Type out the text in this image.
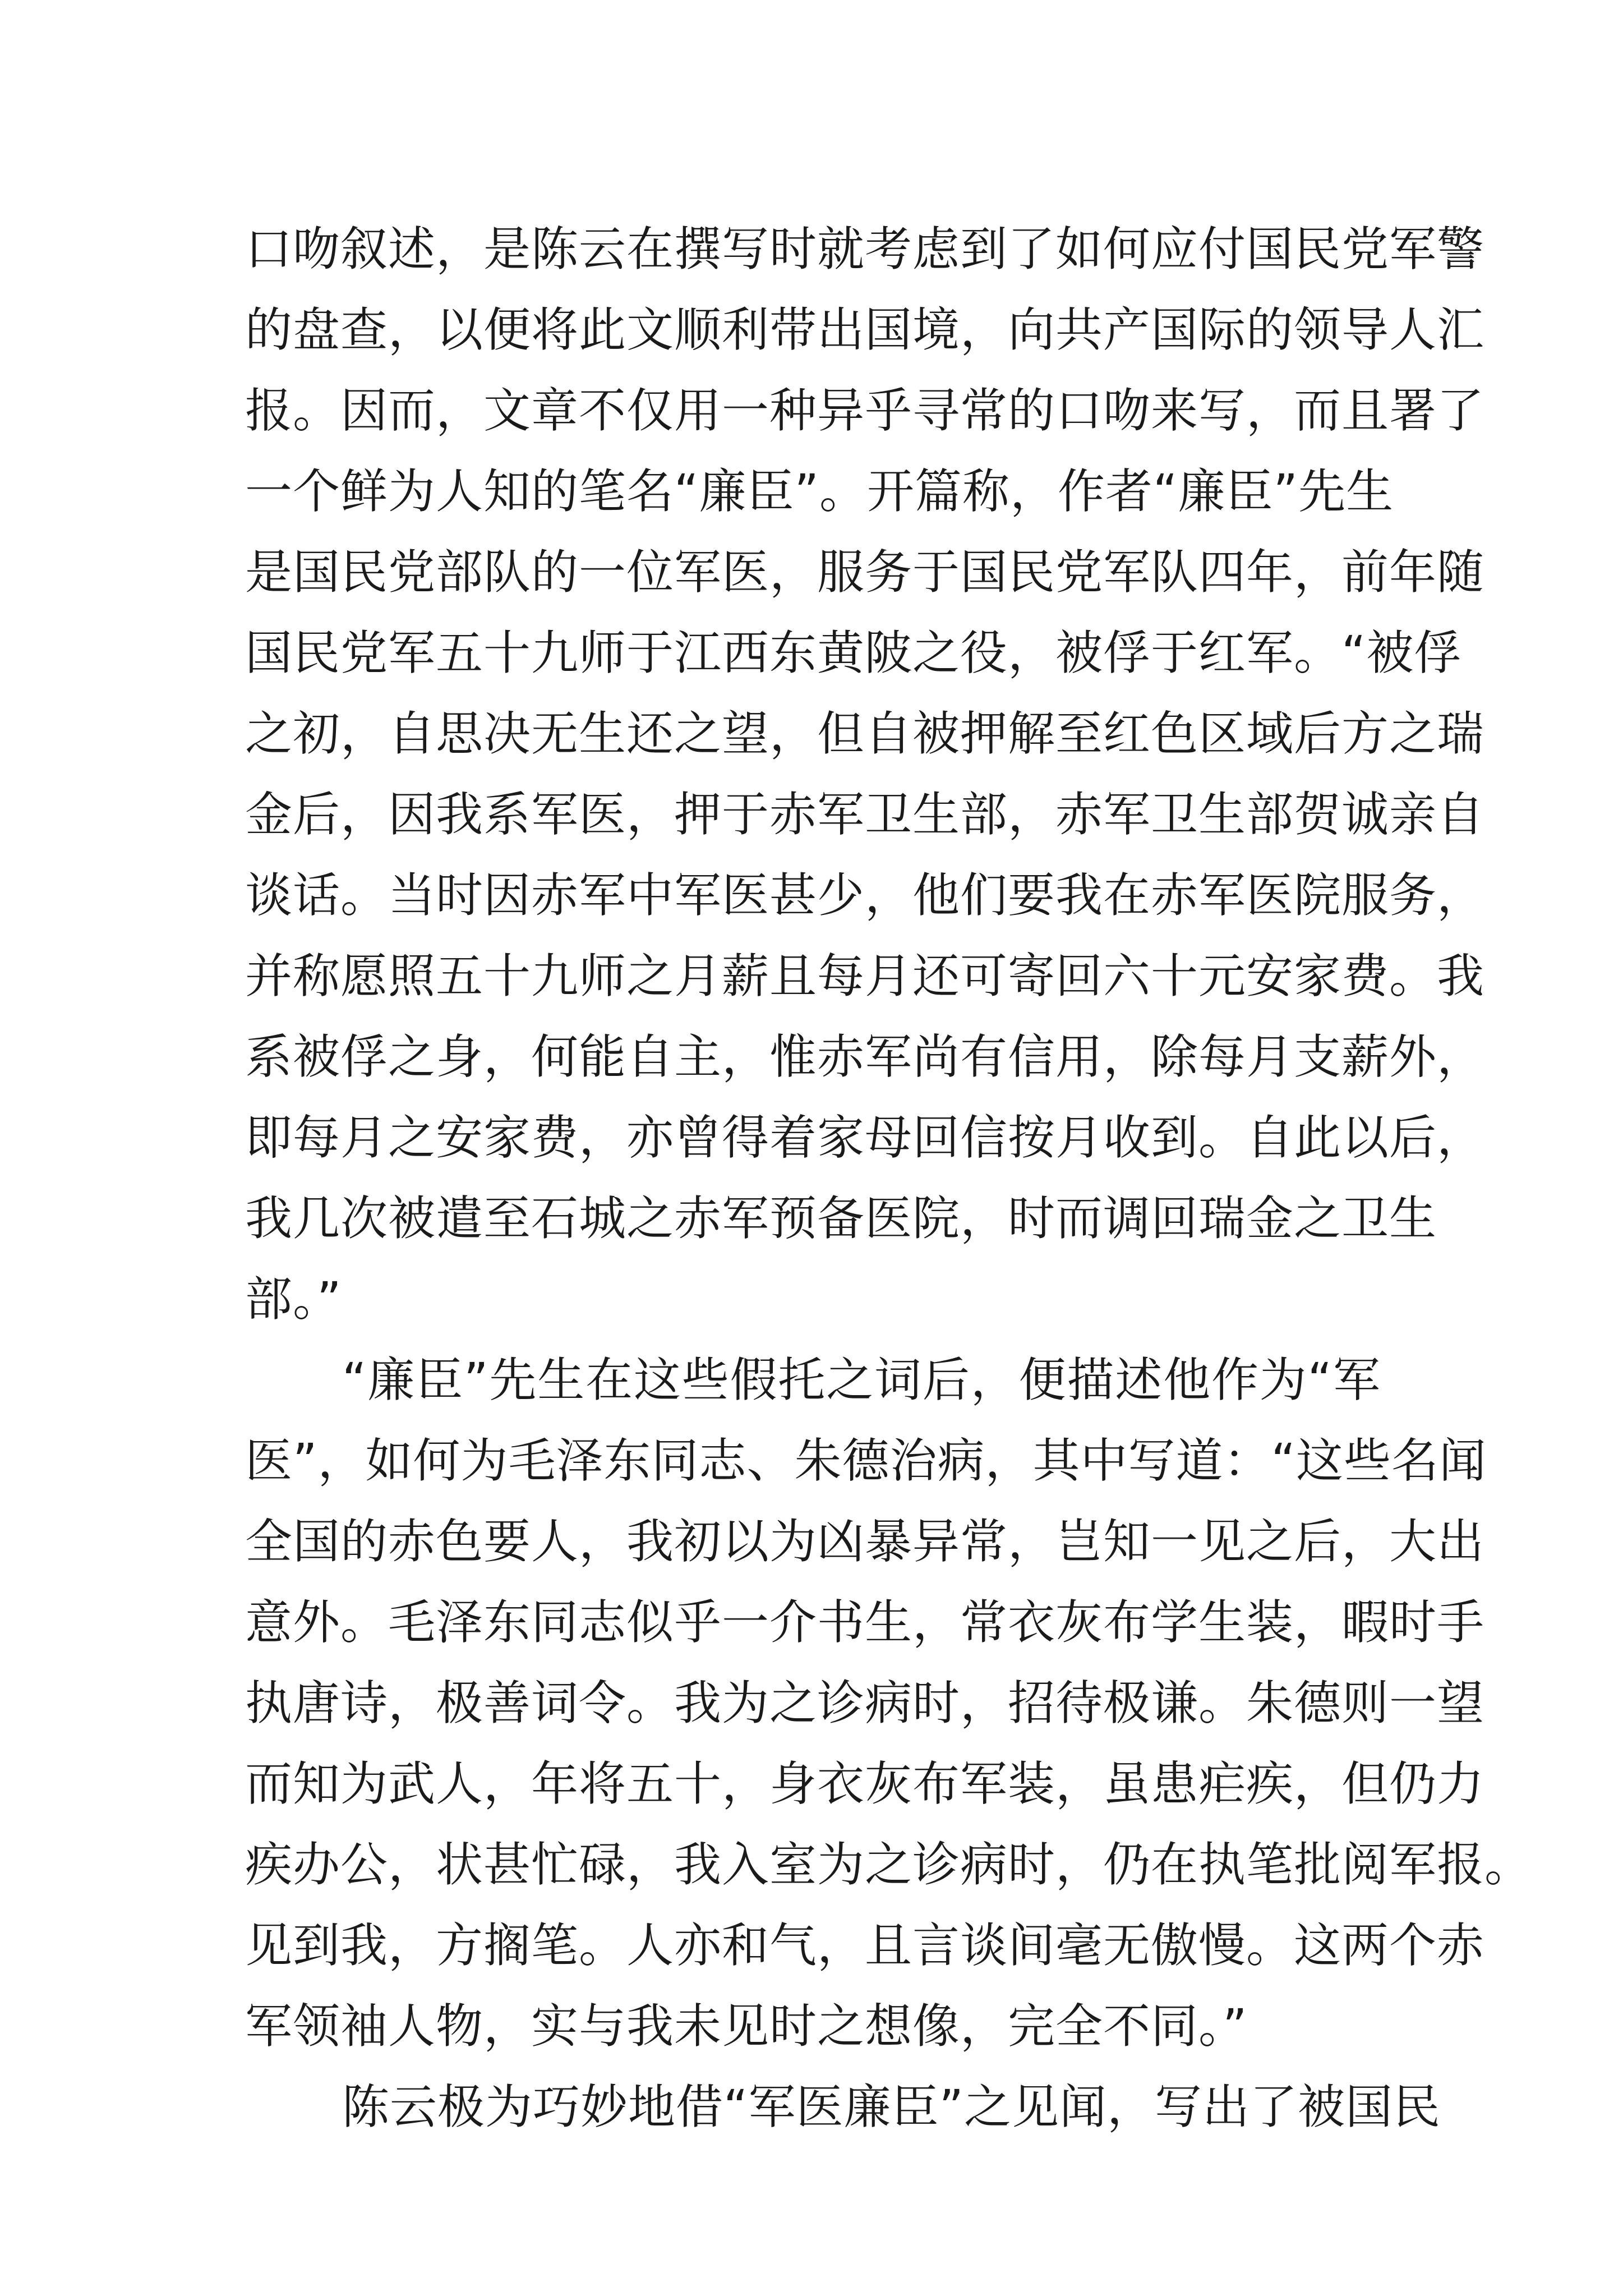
口吻叙述，是陈云在撰写时就考虑到了如何应付国民党军警
的盘查，以便将此文顺利带出国境，向共产国际的领导人汇
报。因而，文章不仅用一种异乎寻常的口吻来写，而且署了
一个鲜为人知的笔名“廉臣”。开篇称，作者“廉臣”先生
是国民党部队的一位军医，服务于国民党军队四年，前年随
国民党军五十九师于江西东黄陂之役，被俘于红军。“被俘
之初，自思决无生还之望，但自被押解至红色区域后方之瑞
金后，因我系军医，押于赤军卫生部，赤军卫生部贺诚亲自
谈话。当时因赤军中军医甚少，他们要我在赤军医院服务，
并称愿照五十九师之月薪且每月还可寄回六十元安家费。我
系被俘之身，何能自主，惟赤军尚有信用，除每月支薪外，
即每月之安家费，亦曾得着家母回信按月收到。自此以后，
我几次被遣至石城之赤军预备医院，时而调回瑞金之卫生
部。”
“廉臣”先生在这些假托之词后，便描述他作为“军
医”，如何为毛泽东同志、朱德治病，其中写道：“这些名闻
全国的赤色要人，我初以为凶暴异常，岂知一见之后，大出
意外。毛泽东同志似乎一介书生，常衣灰布学生装，暇时手
执唐诗，极善词令。我为之诊病时，招待极谦。朱德则一望
而知为武人，年将五十，身衣灰布军装，虽患疟疾，但仍力
疾办公，状甚忙碌，我入室为之诊病时，仍在执笔批阅军报。
见到我，方搁笔。人亦和气，且言谈间毫无傲慢。这两个赤
军领袖人物，实与我未见时之想像，完全不同。”
陈云极为巧妙地借“军医廉臣”之见闻，写出了被国民
